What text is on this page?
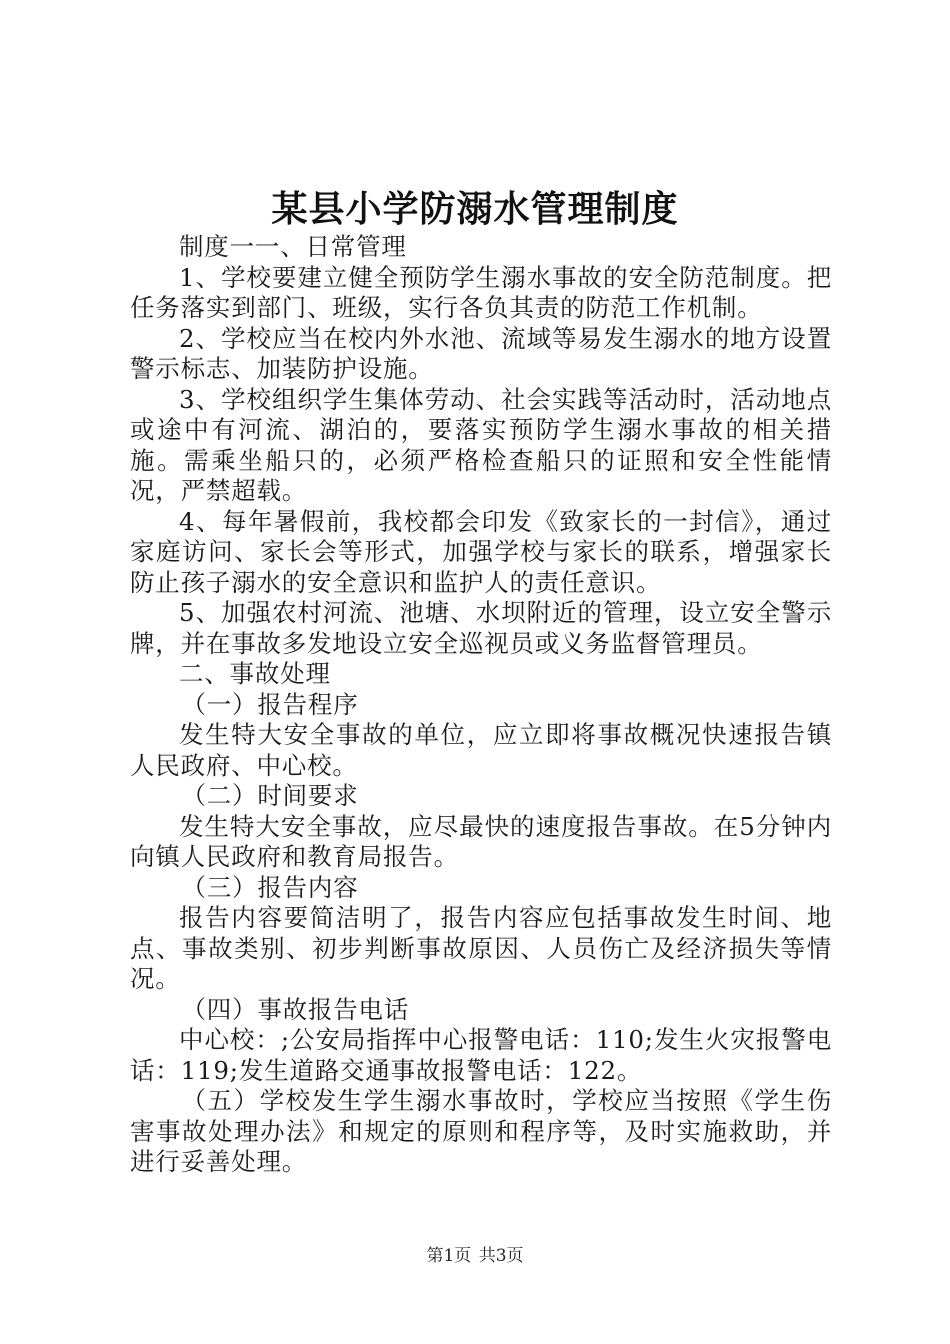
某县小学防溺水管理制度

制度一一、日常管理

1、学校要建立健全预防学生溺水事故的安全防范制度。把任务落实到部门、班级，实行各负其责的防范工作机制。

2、学校应当在校内外水池、流域等易发生溺水的地方设置警示标志、加装防护设施。

3、学校组织学生集体劳动、社会实践等活动时，活动地点或途中有河流、湖泊的，要落实预防学生溺水事故的相关措施。需乘坐船只的，必须严格检查船只的证照和安全性能情况，严禁超载。

4、每年暑假前，我校都会印发《致家长的一封信》，通过家庭访问、家长会等形式，加强学校与家长的联系，增强家长防止孩子溺水的安全意识和监护人的责任意识。

5、加强农村河流、池塘、水坝附近的管理，设立安全警示牌，并在事故多发地设立安全巡视员或义务监督管理员。

二、事故处理

（一）报告程序

发生特大安全事故的单位，应立即将事故概况快速报告镇人民政府、中心校。

（二）时间要求

发生特大安全事故，应尽最快的速度报告事故。在5分钟内向镇人民政府和教育局报告。

（三）报告内容

报告内容要简洁明了，报告内容应包括事故发生时间、地点、事故类别、初步判断事故原因、人员伤亡及经济损失等情况。

（四）事故报告电话

中心校：;公安局指挥中心报警电话：110;发生火灾报警电话：119;发生道路交通事故报警电话：122。

（五）学校发生学生溺水事故时，学校应当按照《学生伤害事故处理办法》和规定的原则和程序等，及时实施救助，并进行妥善处理。

第1页 共3页
